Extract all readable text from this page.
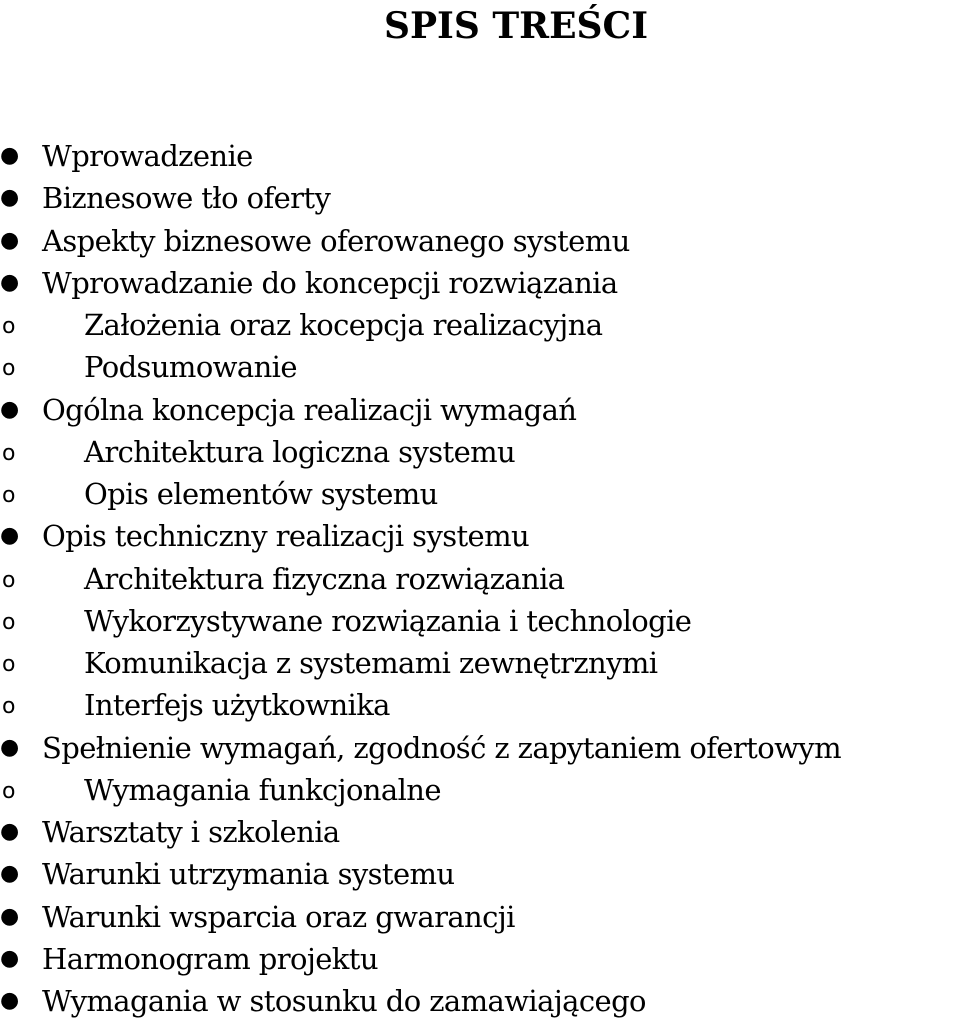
SPIS TREŚCI
● Wprowadzenie
● Biznesowe tło oferty
● Aspekty biznesowe oferowanego systemu
● Wprowadzanie do koncepcji rozwiązania
o Założenia oraz kocepcja realizacyjna
o Podsumowanie
● Ogólna koncepcja realizacji wymagań
o Architektura logiczna systemu
o Opis elementów systemu
● Opis techniczny realizacji systemu
o Architektura fizyczna rozwiązania
o Wykorzystywane rozwiązania i technologie
o Komunikacja z systemami zewnętrznymi
o Interfejs użytkownika
● Spełnienie wymagań, zgodność z zapytaniem ofertowym
o Wymagania funkcjonalne
● Warsztaty i szkolenia
● Warunki utrzymania systemu
● Warunki wsparcia oraz gwarancji
● Harmonogram projektu
● Wymagania w stosunku do zamawiającego
